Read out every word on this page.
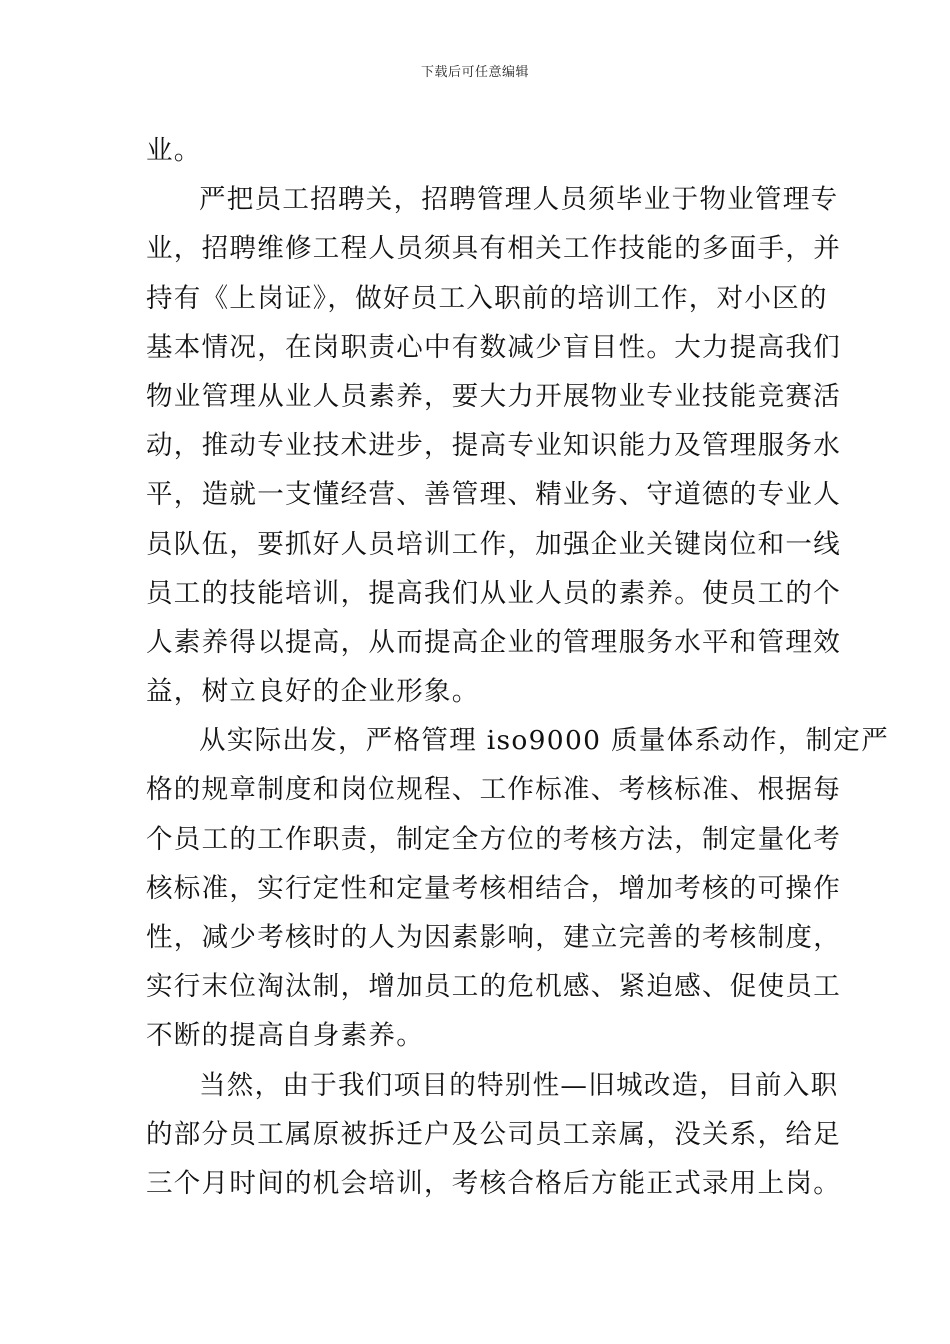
下载后可任意编辑
业。
严把员工招聘关，招聘管理人员须毕业于物业管理专
业，招聘维修工程人员须具有相关工作技能的多面手，并
持有《上岗证》，做好员工入职前的培训工作，对小区的
基本情况，在岗职责心中有数减少盲目性。大力提高我们
物业管理从业人员素养，要大力开展物业专业技能竞赛活
动，推动专业技术进步，提高专业知识能力及管理服务水
平，造就一支懂经营、善管理、精业务、守道德的专业人
员队伍，要抓好人员培训工作，加强企业关键岗位和一线
员工的技能培训，提高我们从业人员的素养。使员工的个
人素养得以提高，从而提高企业的管理服务水平和管理效
益，树立良好的企业形象。
从实际出发，严格管理 iso9000 质量体系动作，制定严
格的规章制度和岗位规程、工作标准、考核标准、根据每
个员工的工作职责，制定全方位的考核方法，制定量化考
核标准，实行定性和定量考核相结合，增加考核的可操作
性，减少考核时的人为因素影响，建立完善的考核制度，
实行末位淘汰制，增加员工的危机感、紧迫感、促使员工
不断的提高自身素养。
当然，由于我们项目的特别性—旧城改造，目前入职
的部分员工属原被拆迁户及公司员工亲属，没关系，给足
三个月时间的机会培训，考核合格后方能正式录用上岗。
